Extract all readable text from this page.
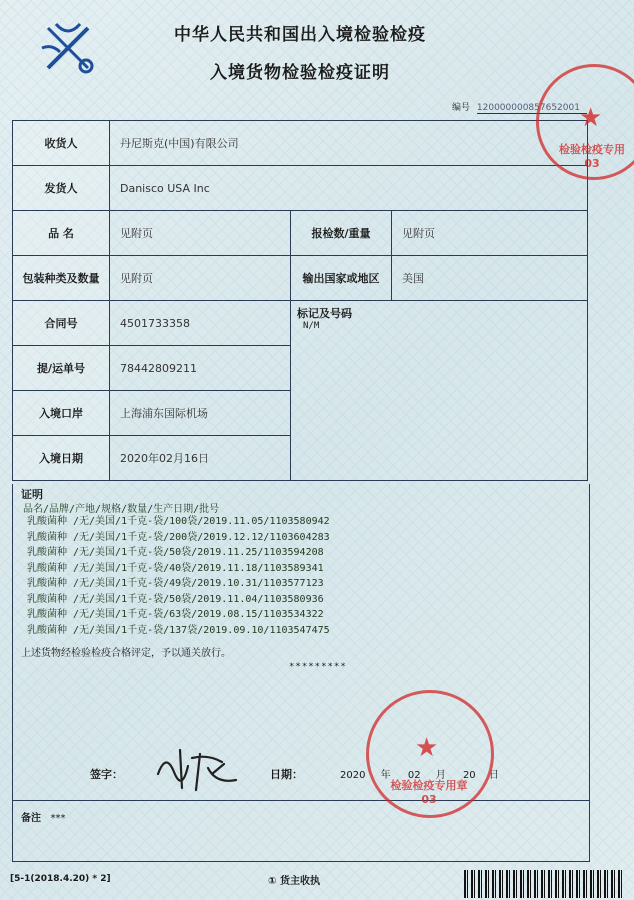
中华人民共和国出入境检验检疫
入境货物检验检疫证明
编号 120000000857652001
收货人	丹尼斯克(中国)有限公司		
发货人	Danisco USA Inc		
品 名	见附页	报检数/重量	见附页
包装种类及数量	见附页	输出国家或地区	美国
合同号	4501733358	标记及号码
N/M	

提/运单号	78442809211		
入境口岸	上海浦东国际机场		
入境日期	2020年02月16日		
证明
品名/品牌/产地/规格/数量/生产日期/批号
乳酸菌种 /无/美国/1千克-袋/100袋/2019.11.05/1103580942
乳酸菌种 /无/美国/1千克-袋/200袋/2019.12.12/1103604283
乳酸菌种 /无/美国/1千克-袋/50袋/2019.11.25/1103594208
乳酸菌种 /无/美国/1千克-袋/40袋/2019.11.18/1103589341
乳酸菌种 /无/美国/1千克-袋/49袋/2019.10.31/1103577123
乳酸菌种 /无/美国/1千克-袋/50袋/2019.11.04/1103580936
乳酸菌种 /无/美国/1千克-袋/63袋/2019.08.15/1103534322
乳酸菌种 /无/美国/1千克-袋/137袋/2019.09.10/1103547475
上述货物经检验检疫合格评定，予以通关放行。
*********
签字：	日期：	2020 年 02 月 20 日
备注 ***
[5-1(2018.4.20) * 2]	① 货主收执
★
检验检疫专用
03
★
检验检疫专用章
03
